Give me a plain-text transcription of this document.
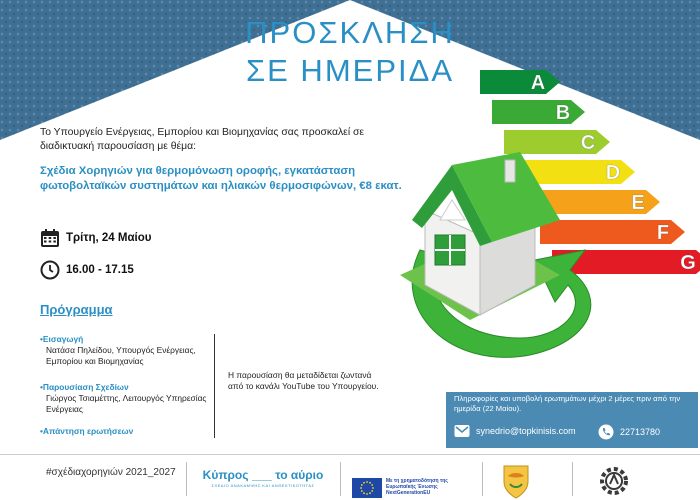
ΠΡΟΣΚΛΗΣΗ
ΣΕ ΗΜΕΡΙΔΑ
Το Υπουργείο Ενέργειας, Εμπορίου και Βιομηχανίας σας προσκαλεί σε διαδικτυακή παρουσίαση με θέμα:
Σχέδια Χορηγιών για θερμομόνωση οροφής, εγκατάσταση φωτοβολταϊκών συστημάτων και ηλιακών θερμοσιφώνων, €8 εκατ.
Τρίτη, 24 Μαίου
16.00 - 17.15
Πρόγραμμα
•Εισαγωγή
Νατάσα Πηλείδου, Υπουργός Ενέργειας, Εμπορίου και Βιομηχανίας
•Παρουσίαση Σχεδίων
Γιώργος Τσιαμέττης, Λειτουργός Υπηρεσίας Ενέργειας
•Απάντηση ερωτήσεων
Η παρουσίαση θα μεταδίδεται ζωντανά από το κανάλι YouTube του Υπουργείου.
A
B
C
D
E
F
G
Πληροφορίες και υποβολή ερωτημάτων μέχρι 2 μέρες πριν από την ημερίδα (22 Μαίου).
synedrio@topkinisis.com	22713780
#σχέδιαχορηγιών 2021_2027	Κύπρος ___ το αύριο
ΣΧΕΔΙΟ ΑΝΑΚΑΜΨΗΣ ΚΑΙ ΑΝΘΕΚΤΙΚΟΤΗΤΑΣ
Με τη χρηματοδότηση της Ευρωπαϊκής Ένωσης NextGenerationEU
